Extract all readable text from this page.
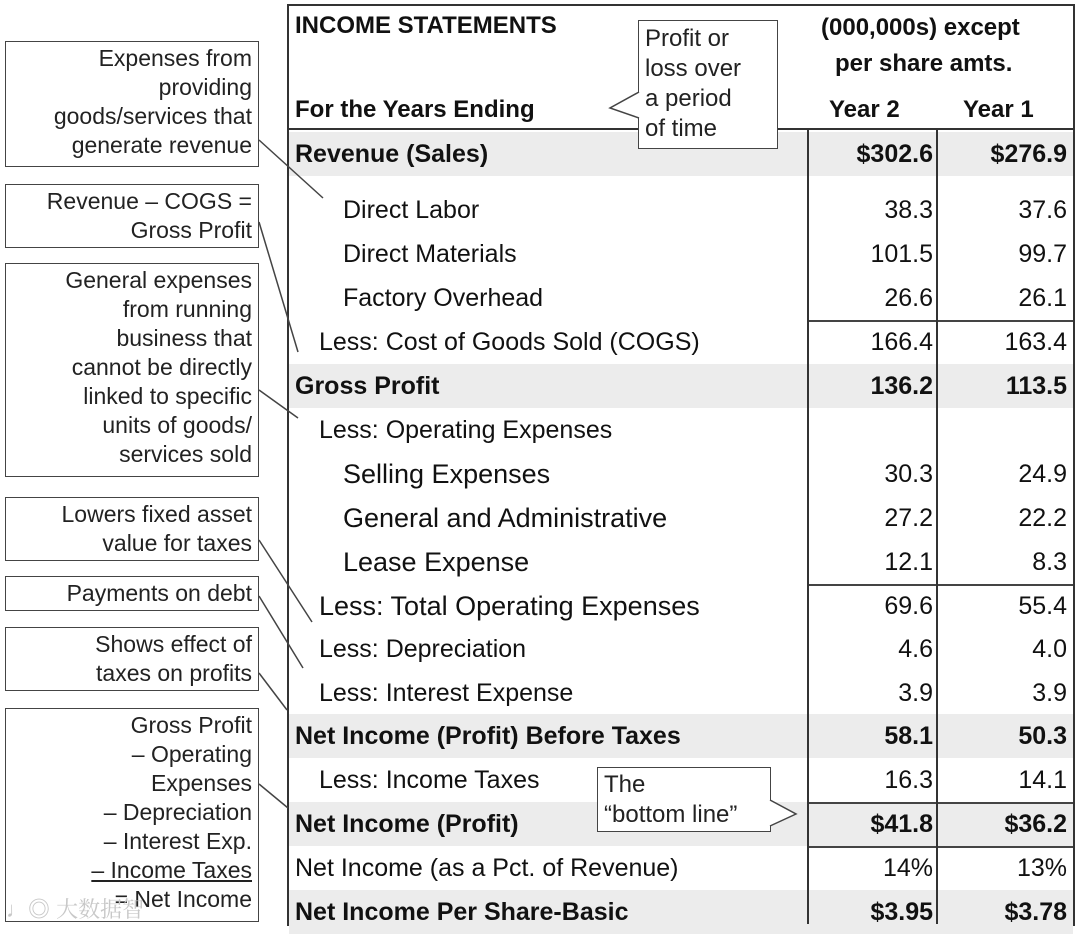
Expenses from
providing
goods/services that
generate revenue
Revenue – COGS =
Gross Profit
General expenses
from running
business that
cannot be directly
linked to specific
units of goods/
services sold
Lowers fixed asset
value for taxes
Payments on debt
Shows effect of
taxes on profits
Gross Profit
– Operating
Expenses
– Depreciation
– Interest Exp.
– Income Taxes
= Net Income
INCOME STATEMENTS
For the Years Ending
(000,000s) except
per share amts.
Year 2	Year 1
Revenue (Sales)	$302.6	$276.9
Direct Labor	38.3	37.6
Direct Materials	101.5	99.7
Factory Overhead	26.6	26.1
Less: Cost of Goods Sold (COGS)	166.4	163.4
Gross Profit	136.2	113.5
Less: Operating Expenses
Selling Expenses	30.3	24.9
General and Administrative	27.2	22.2
Lease Expense	12.1	8.3
Less: Total Operating Expenses	69.6	55.4
Less: Depreciation	4.6	4.0
Less: Interest Expense	3.9	3.9
Net Income (Profit) Before Taxes	58.1	50.3
Less: Income Taxes	16.3	14.1
Net Income (Profit)	$41.8	$36.2
Net Income (as a Pct. of Revenue)	14%	13%
Net Income Per Share-Basic	$3.95	$3.78
Profit or
loss over
a period
of time
The
“bottom line”
♩◎ 大数据智
